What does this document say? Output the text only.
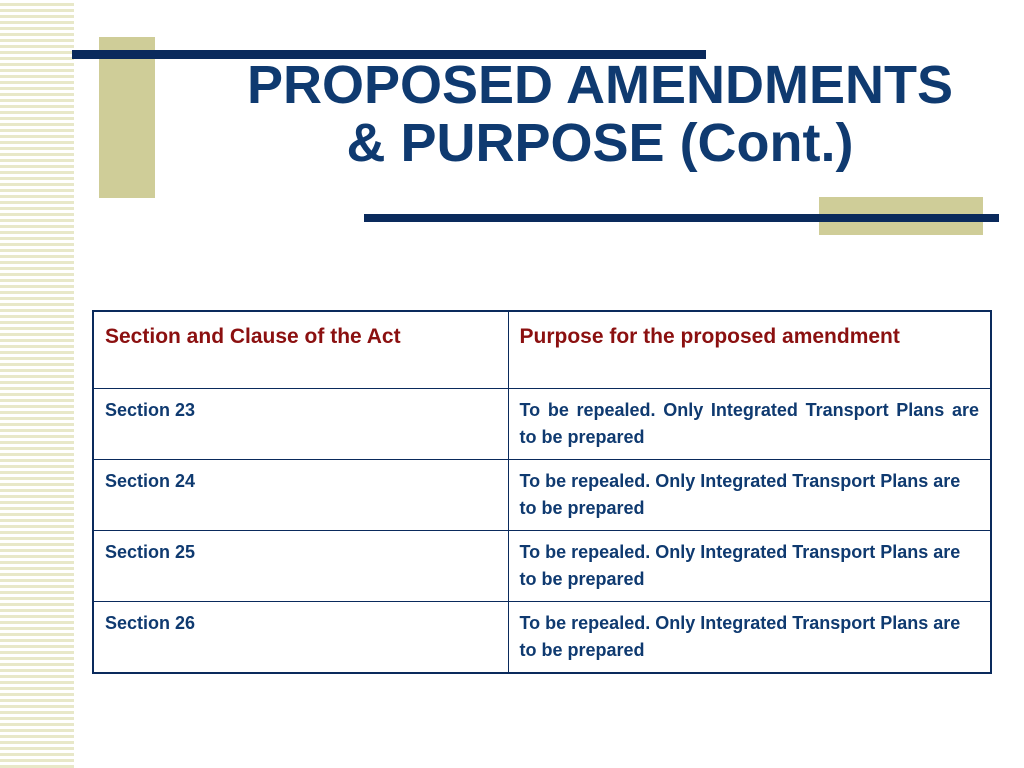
PROPOSED AMENDMENTS
& PURPOSE (Cont.)
Section and Clause of the Act	Purpose for the proposed amendment
Section 23	To be repealed. Only Integrated Transport Plans are to be prepared
Section 24	To be repealed. Only Integrated Transport Plans are to be prepared
Section 25	To be repealed. Only Integrated Transport Plans are to be prepared
Section 26	To be repealed. Only Integrated Transport Plans are to be prepared
